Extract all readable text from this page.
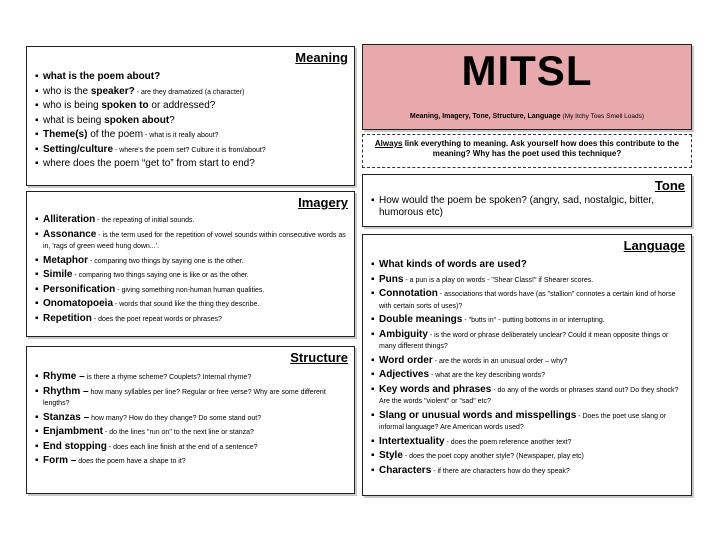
Meaning
▪ what is the poem about?
▪ who is the speaker? - are they dramatized (a character)
▪ who is being spoken to or addressed?
▪ what is being spoken about?
▪ Theme(s) of the poem - what is it really about?
▪ Setting/culture - where's the poem set? Culture it is from/about?
▪ where does the poem “get to” from start to end?
Imagery
▪ Alliteration - the repeating of initial sounds.
▪ Assonance - is the term used for the repetition of vowel sounds within consecutive words as in, 'rags of green weed hung down...'.
▪ Metaphor - comparing two things by saying one is the other.
▪ Simile - comparing two things saying one is like or as the other.
▪ Personification - giving something non-human human qualities.
▪ Onomatopoeia - words that sound like the thing they describe.
▪ Repetition - does the poet repeat words or phrases?
Structure
▪ Rhyme – is there a rhyme scheme? Couplets? Internal rhyme?
▪ Rhythm – how many syllables per line? Regular or free verse? Why are some different lengths?
▪ Stanzas – how many? How do they change? Do some stand out?
▪ Enjambment - do the lines "run on" to the next line or stanza?
▪ End stopping - does each line finish at the end of a sentence?
▪ Form – does the poem have a shape to it?
MITSL
Meaning, Imagery, Tone, Structure, Language (My Itchy Toes Smell Loads)
Always link everything to meaning. Ask yourself how does this contribute to the meaning? Why has the poet used this technique?
Tone
▪ How would the poem be spoken? (angry, sad, nostalgic, bitter, humorous etc)
Language
▪ What kinds of words are used?
▪ Puns - a pun is a play on words - "Shear Class!" if Shearer scores.
▪ Connotation - associations that words have (as "stallion" connotes a certain kind of horse with certain sorts of uses)?
▪ Double meanings - "butts in" - putting bottoms in or interrupting.
▪ Ambiguity - is the word or phrase deliberately unclear? Could it mean opposite things or many different things?
▪ Word order - are the words in an unusual order – why?
▪ Adjectives - what are the key describing words?
▪ Key words and phrases - do any of the words or phrases stand out? Do they shock? Are the words "violent" or "sad" etc?
▪ Slang or unusual words and misspellings - Does the poet use slang or informal language? Are American words used?
▪ Intertextuality - does the poem reference another text?
▪ Style - does the poet copy another style? (Newspaper, play etc)
▪ Characters - if there are characters how do they speak?
